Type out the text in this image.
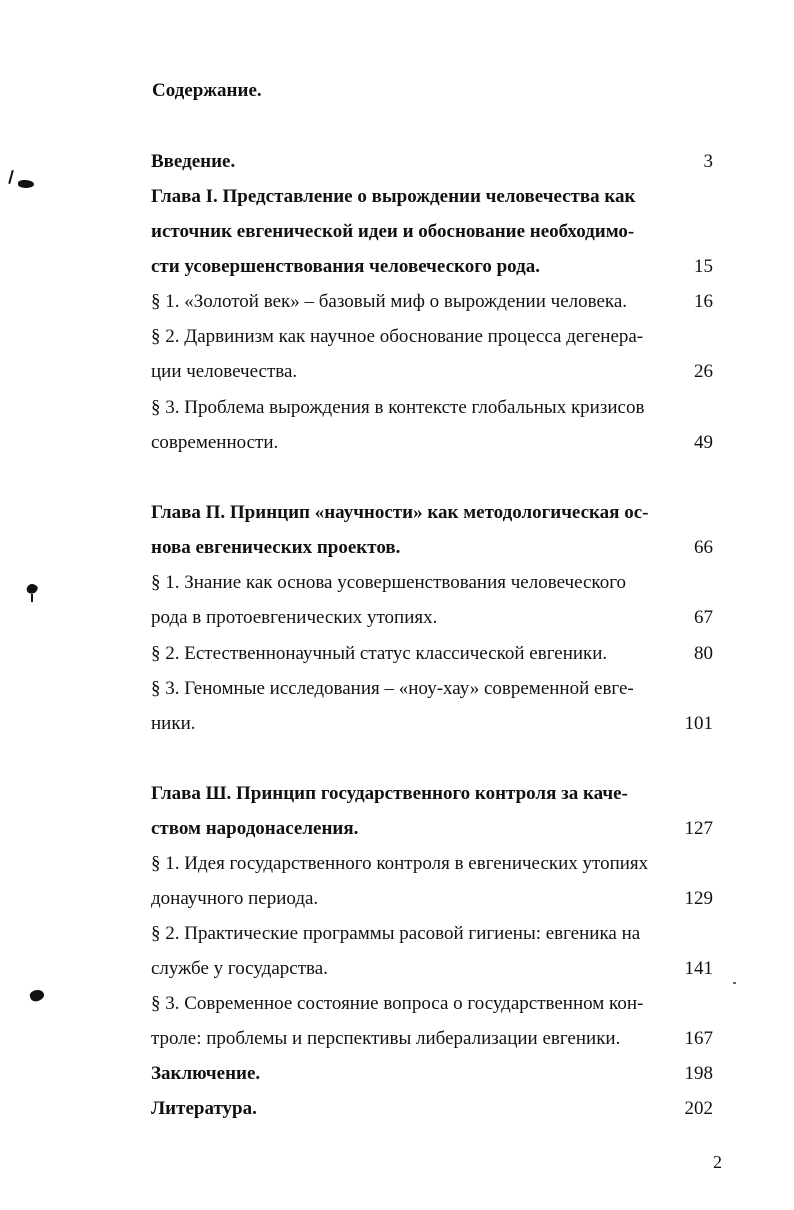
Содержание.
Введение.	3
Глава I. Представление о вырождении человечества как
источник евгенической идеи и обоснование необходимо-
сти усовершенствования человеческого рода.	15
§ 1. «Золотой век» – базовый миф о вырождении человека.	16
§ 2. Дарвинизм как научное обоснование процесса дегенера-
ции человечества.	26
§ 3. Проблема вырождения в контексте глобальных кризисов
современности.	49
Глава П. Принцип «научности» как методологическая ос-
нова евгенических проектов.	66
§ 1. Знание как основа усовершенствования человеческого
рода в протоевгенических утопиях.	67
§ 2. Естественнонаучный статус классической евгеники.	80
§ 3. Геномные исследования – «ноу-хау» современной евге-
ники.	101
Глава Ш. Принцип государственного контроля за каче-
ством народонаселения.	127
§ 1. Идея государственного контроля в евгенических утопиях
донаучного периода.	129
§ 2. Практические программы расовой гигиены: евгеника на
службе у государства.	141
§ 3. Современное состояние вопроса о государственном кон-
троле: проблемы и перспективы либерализации евгеники.	167
Заключение.	198
Литература.	202
2
